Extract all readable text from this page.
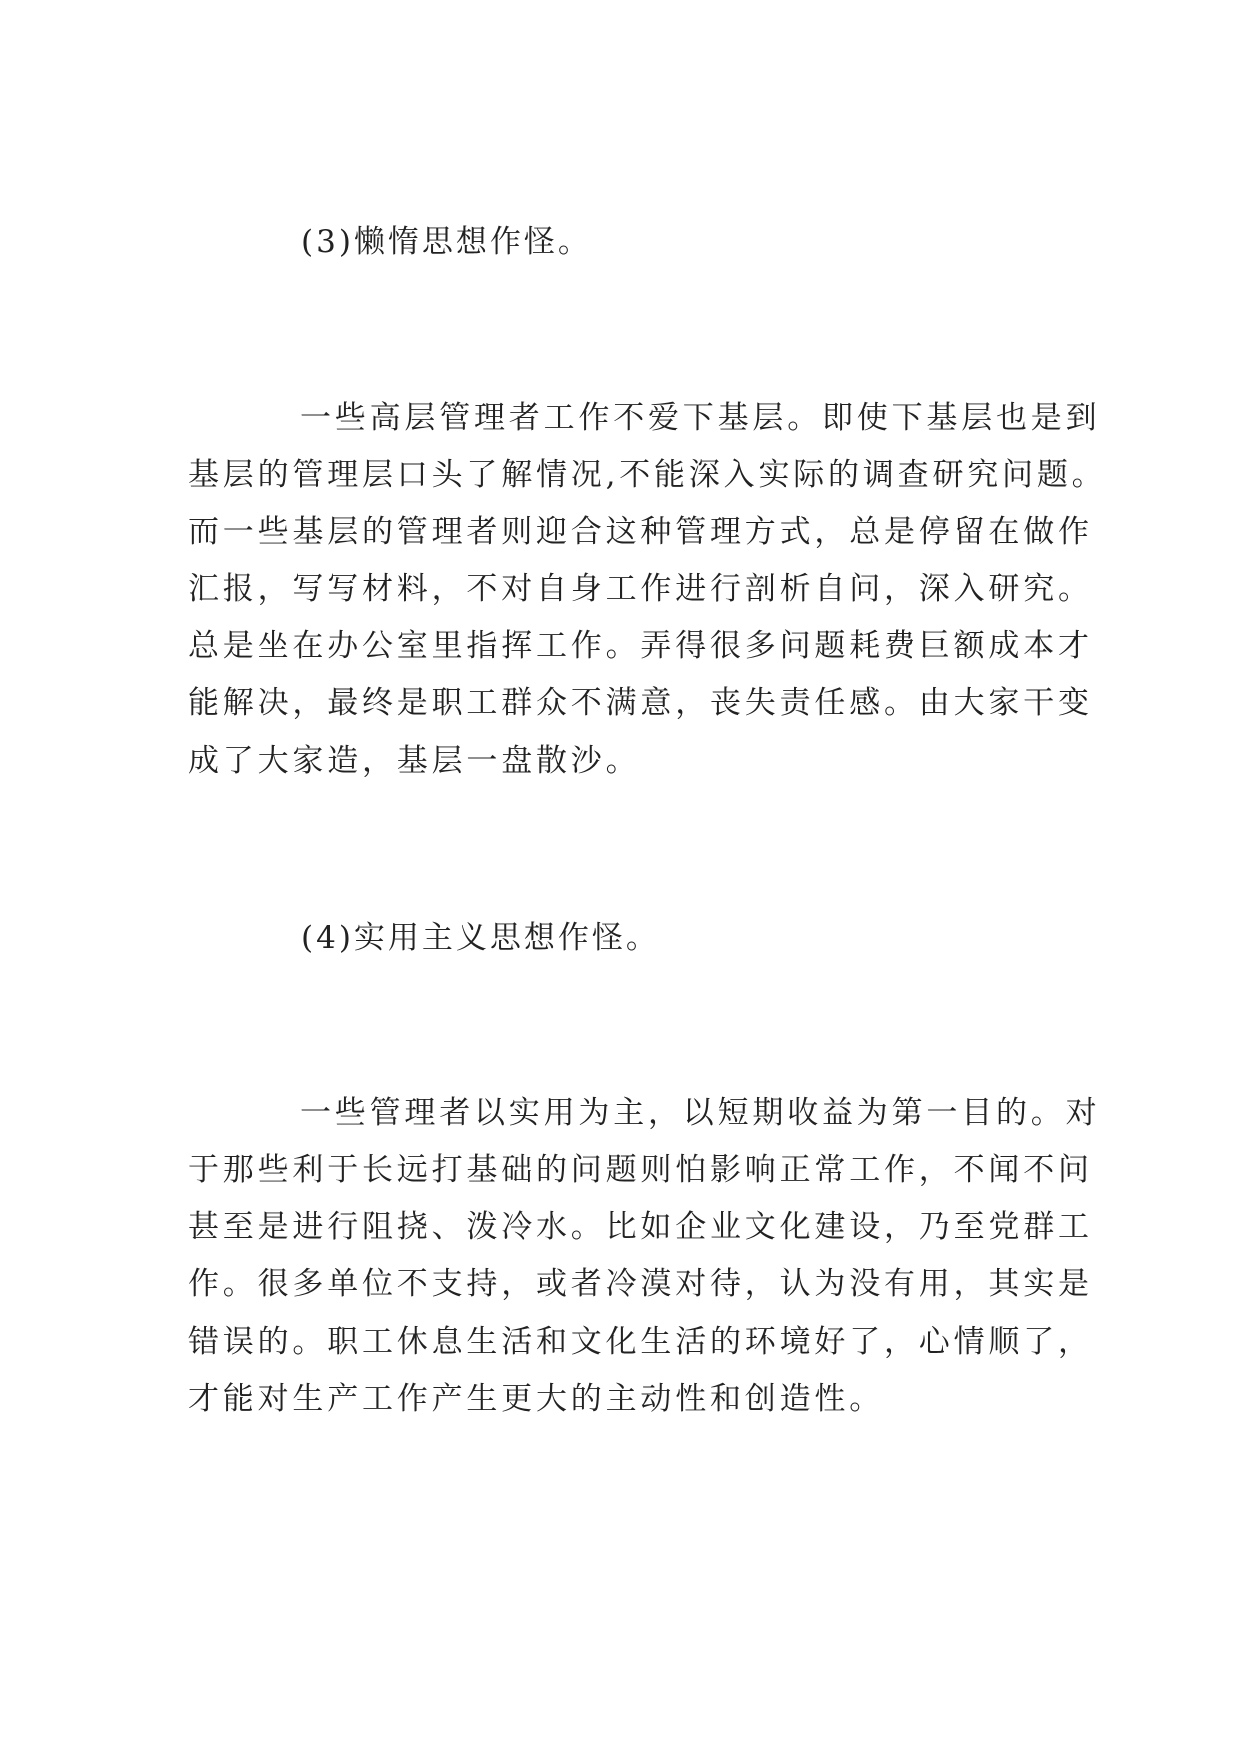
(3)懒惰思想作怪。
一些高层管理者工作不爱下基层。即使下基层也是到
基层的管理层口头了解情况,不能深入实际的调查研究问题。
而一些基层的管理者则迎合这种管理方式，总是停留在做作
汇报，写写材料，不对自身工作进行剖析自问，深入研究。
总是坐在办公室里指挥工作。弄得很多问题耗费巨额成本才
能解决，最终是职工群众不满意，丧失责任感。由大家干变
成了大家造，基层一盘散沙。
(4)实用主义思想作怪。
一些管理者以实用为主，以短期收益为第一目的。对
于那些利于长远打基础的问题则怕影响正常工作，不闻不问
甚至是进行阻挠、泼冷水。比如企业文化建设，乃至党群工
作。很多单位不支持，或者冷漠对待，认为没有用，其实是
错误的。职工休息生活和文化生活的环境好了，心情顺了，
才能对生产工作产生更大的主动性和创造性。
